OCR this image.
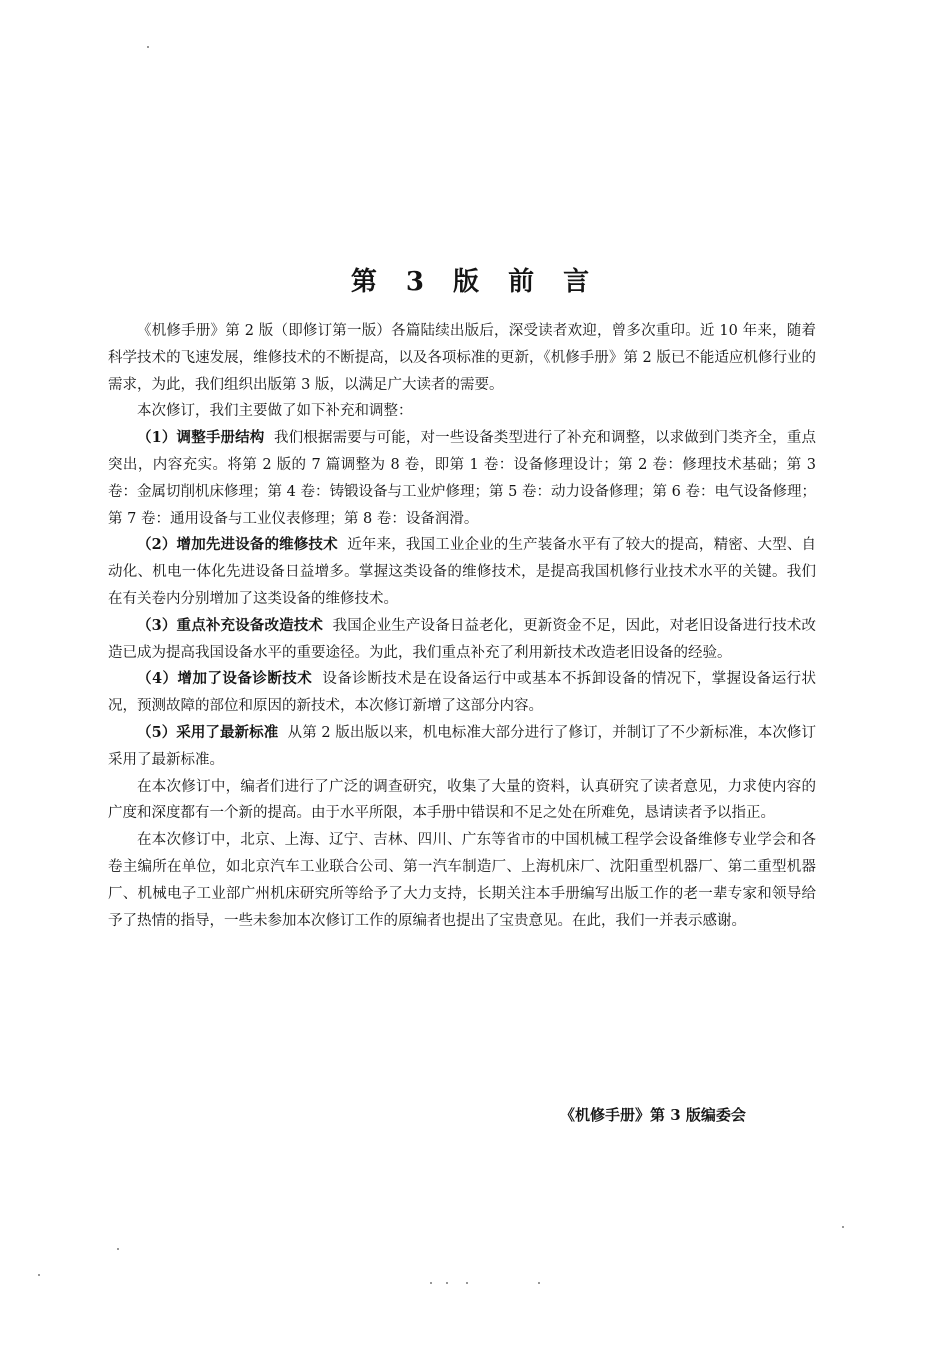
第 3 版 前 言

《机修手册》第 2 版（即修订第一版）各篇陆续出版后，深受读者欢迎，曾多次重印。近 10 年来，随着科学技术的飞速发展，维修技术的不断提高，以及各项标准的更新，《机修手册》第 2 版已不能适应机修行业的需求，为此，我们组织出版第 3 版，以满足广大读者的需要。

本次修订，我们主要做了如下补充和调整：

（1）调整手册结构 我们根据需要与可能，对一些设备类型进行了补充和调整，以求做到门类齐全，重点突出，内容充实。将第 2 版的 7 篇调整为 8 卷，即第 1 卷：设备修理设计；第 2 卷：修理技术基础；第 3 卷：金属切削机床修理；第 4 卷：铸锻设备与工业炉修理；第 5 卷：动力设备修理；第 6 卷：电气设备修理；第 7 卷：通用设备与工业仪表修理；第 8 卷：设备润滑。

（2）增加先进设备的维修技术 近年来，我国工业企业的生产装备水平有了较大的提高，精密、大型、自动化、机电一体化先进设备日益增多。掌握这类设备的维修技术，是提高我国机修行业技术水平的关键。我们在有关卷内分别增加了这类设备的维修技术。

（3）重点补充设备改造技术 我国企业生产设备日益老化，更新资金不足，因此，对老旧设备进行技术改造已成为提高我国设备水平的重要途径。为此，我们重点补充了利用新技术改造老旧设备的经验。

（4）增加了设备诊断技术 设备诊断技术是在设备运行中或基本不拆卸设备的情况下，掌握设备运行状况，预测故障的部位和原因的新技术，本次修订新增了这部分内容。

（5）采用了最新标准 从第 2 版出版以来，机电标准大部分进行了修订，并制订了不少新标准，本次修订采用了最新标准。

在本次修订中，编者们进行了广泛的调查研究，收集了大量的资料，认真研究了读者意见，力求使内容的广度和深度都有一个新的提高。由于水平所限，本手册中错误和不足之处在所难免，恳请读者予以指正。

在本次修订中，北京、上海、辽宁、吉林、四川、广东等省市的中国机械工程学会设备维修专业学会和各卷主编所在单位，如北京汽车工业联合公司、第一汽车制造厂、上海机床厂、沈阳重型机器厂、第二重型机器厂、机械电子工业部广州机床研究所等给予了大力支持，长期关注本手册编写出版工作的老一辈专家和领导给予了热情的指导，一些未参加本次修订工作的原编者也提出了宝贵意见。在此，我们一并表示感谢。

《机修手册》第 3 版编委会
